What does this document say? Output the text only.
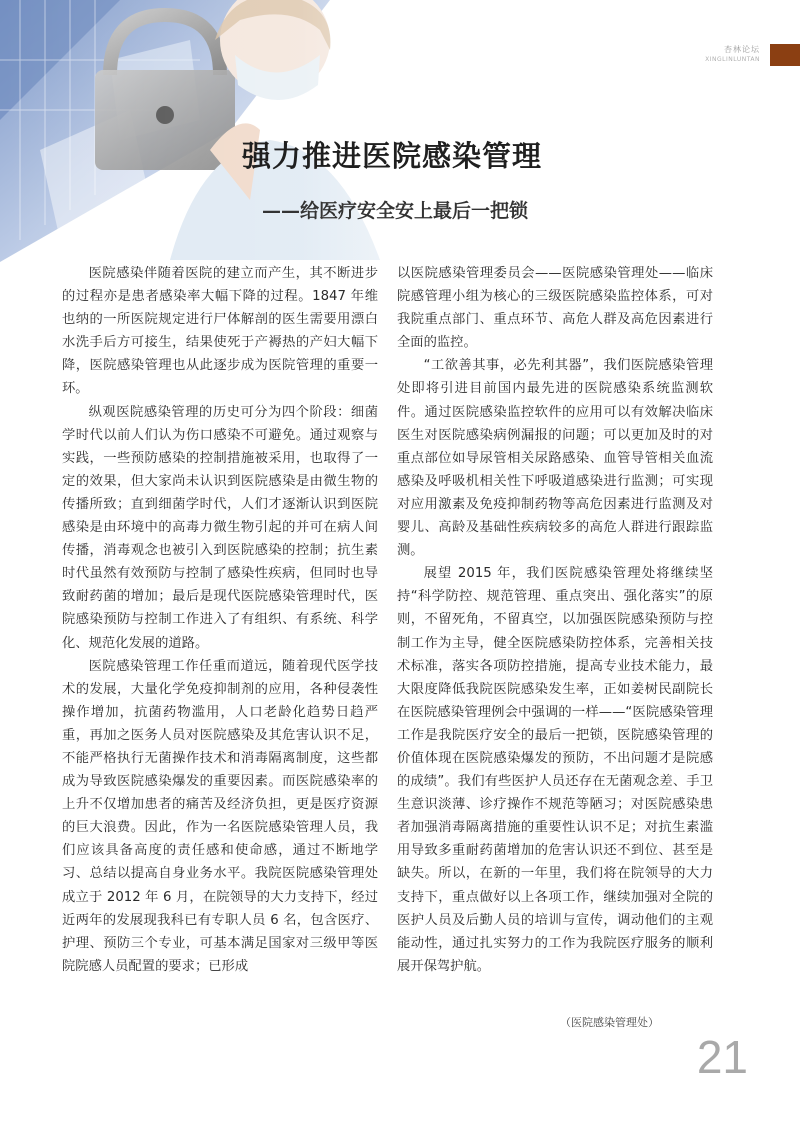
杏林论坛
XINGLINLUNTAN
强力推进医院感染管理
——给医疗安全安上最后一把锁

医院感染伴随着医院的建立而产生，其不断进步的过程亦是患者感染率大幅下降的过程。1847 年维也纳的一所医院规定进行尸体解剖的医生需要用漂白水洗手后方可接生，结果使死于产褥热的产妇大幅下降，医院感染管理也从此逐步成为医院管理的重要一环。

纵观医院感染管理的历史可分为四个阶段：细菌学时代以前人们认为伤口感染不可避免。通过观察与实践，一些预防感染的控制措施被采用，也取得了一定的效果，但大家尚未认识到医院感染是由微生物的传播所致；直到细菌学时代，人们才逐渐认识到医院感染是由环境中的高毒力微生物引起的并可在病人间传播，消毒观念也被引入到医院感染的控制；抗生素时代虽然有效预防与控制了感染性疾病，但同时也导致耐药菌的增加；最后是现代医院感染管理时代，医院感染预防与控制工作进入了有组织、有系统、科学化、规范化发展的道路。

医院感染管理工作任重而道远，随着现代医学技术的发展，大量化学免疫抑制剂的应用，各种侵袭性操作增加，抗菌药物滥用，人口老龄化趋势日趋严重，再加之医务人员对医院感染及其危害认识不足，不能严格执行无菌操作技术和消毒隔离制度，这些都成为导致医院感染爆发的重要因素。而医院感染率的上升不仅增加患者的痛苦及经济负担，更是医疗资源的巨大浪费。因此，作为一名医院感染管理人员，我们应该具备高度的责任感和使命感，通过不断地学习、总结以提高自身业务水平。我院医院感染管理处成立于 2012 年 6 月，在院领导的大力支持下，经过近两年的发展现我科已有专职人员 6 名，包含医疗、护理、预防三个专业，可基本满足国家对三级甲等医院院感人员配置的要求；已形成

以医院感染管理委员会——医院感染管理处——临床院感管理小组为核心的三级医院感染监控体系，可对我院重点部门、重点环节、高危人群及高危因素进行全面的监控。

“工欲善其事，必先利其器”，我们医院感染管理处即将引进目前国内最先进的医院感染系统监测软件。通过医院感染监控软件的应用可以有效解决临床医生对医院感染病例漏报的问题；可以更加及时的对重点部位如导尿管相关尿路感染、血管导管相关血流感染及呼吸机相关性下呼吸道感染进行监测；可实现对应用激素及免疫抑制药物等高危因素进行监测及对婴儿、高龄及基础性疾病较多的高危人群进行跟踪监测。

展望 2015 年，我们医院感染管理处将继续坚持“科学防控、规范管理、重点突出、强化落实”的原则，不留死角，不留真空，以加强医院感染预防与控制工作为主导，健全医院感染防控体系，完善相关技术标准，落实各项防控措施，提高专业技术能力，最大限度降低我院医院感染发生率，正如姜树民副院长在医院感染管理例会中强调的一样——“医院感染管理工作是我院医疗安全的最后一把锁，医院感染管理的价值体现在医院感染爆发的预防，不出问题才是院感的成绩”。我们有些医护人员还存在无菌观念差、手卫生意识淡薄、诊疗操作不规范等陋习；对医院感染患者加强消毒隔离措施的重要性认识不足；对抗生素滥用导致多重耐药菌增加的危害认识还不到位、甚至是缺失。所以，在新的一年里，我们将在院领导的大力支持下，重点做好以上各项工作，继续加强对全院的医护人员及后勤人员的培训与宣传，调动他们的主观能动性，通过扎实努力的工作为我院医疗服务的顺利展开保驾护航。

（医院感染管理处）
21
